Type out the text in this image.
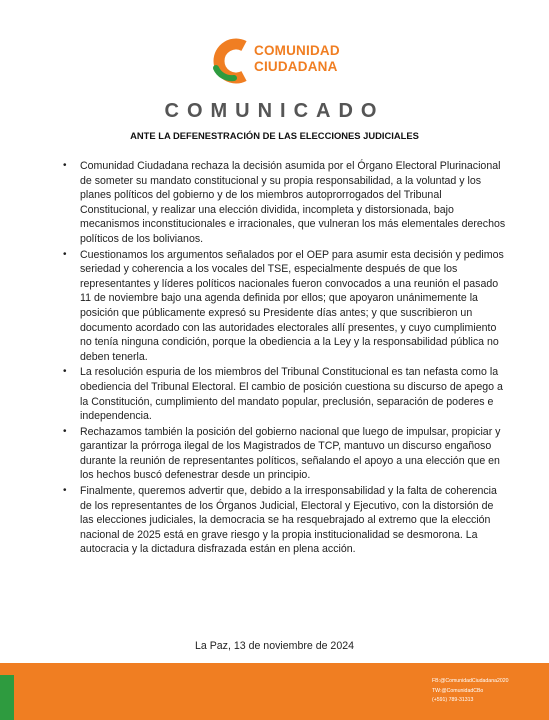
COMUNIDAD
CIUDADANA
COMUNICADO
ANTE LA DEFENESTRACIÓN DE LAS ELECCIONES JUDICIALES
• Comunidad Ciudadana rechaza la decisión asumida por el Órgano Electoral Plurinacional de someter su mandato constitucional y su propia responsabilidad, a la voluntad y los planes políticos del gobierno y de los miembros autoprorrogados del Tribunal Constitucional, y realizar una elección dividida, incompleta y distorsionada, bajo mecanismos inconstitucionales e irracionales, que vulneran los más elementales derechos políticos de los bolivianos.
• Cuestionamos los argumentos señalados por el OEP para asumir esta decisión y pedimos seriedad y coherencia a los vocales del TSE, especialmente después de que los representantes y líderes políticos nacionales fueron convocados a una reunión el pasado 11 de noviembre bajo una agenda definida por ellos; que apoyaron unánimemente la posición que públicamente expresó su Presidente días antes; y que suscribieron un documento acordado con las autoridades electorales allí presentes, y cuyo cumplimiento no tenía ninguna condición, porque la obediencia a la Ley y la responsabilidad pública no deben tenerla.
• La resolución espuria de los miembros del Tribunal Constitucional es tan nefasta como la obediencia del Tribunal Electoral. El cambio de posición cuestiona su discurso de apego a la Constitución, cumplimiento del mandato popular, preclusión, separación de poderes e independencia.
• Rechazamos también la posición del gobierno nacional que luego de impulsar, propiciar y garantizar la prórroga ilegal de los Magistrados de TCP, mantuvo un discurso engañoso durante la reunión de representantes políticos, señalando el apoyo a una elección que en los hechos buscó defenestrar desde un principio.
• Finalmente, queremos advertir que, debido a la irresponsabilidad y la falta de coherencia de los representantes de los Órganos Judicial, Electoral y Ejecutivo, con la distorsión de las elecciones judiciales, la democracia se ha resquebrajado al extremo que la elección nacional de 2025 está en grave riesgo y la propia institucionalidad se desmorona. La autocracia y la dictadura disfrazada están en plena acción.
La Paz, 13 de noviembre de 2024
FB:@ComunidadCiudadana2020
TW:@ComunidadCBo
(+591) 789-31313
